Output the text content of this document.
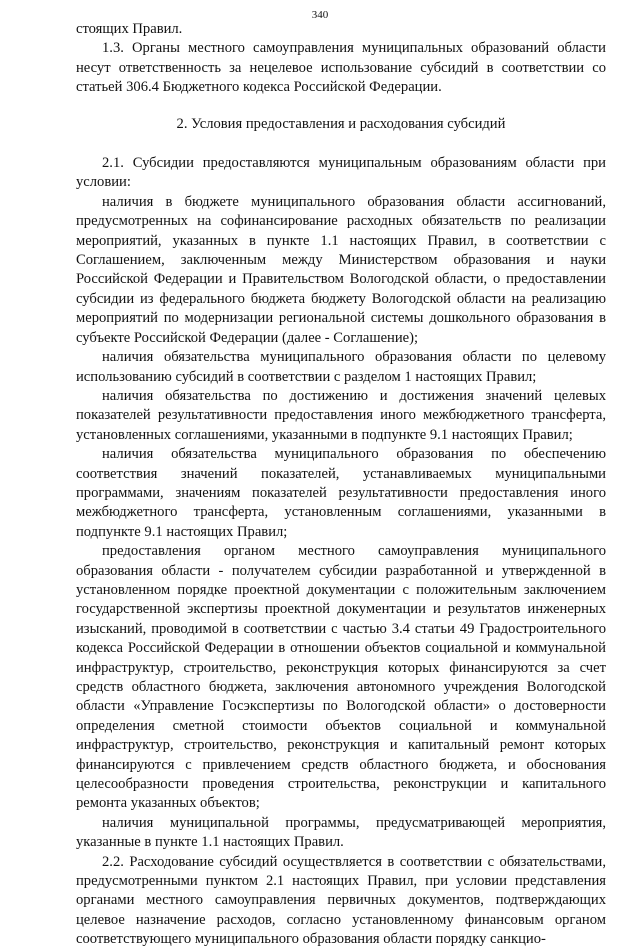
340

стоящих Правил.

1.3. Органы местного самоуправления муниципальных образований области несут ответственность за нецелевое использование субсидий в соответствии со статьей 306.4 Бюджетного кодекса Российской Федерации.

2. Условия предоставления и расходования субсидий

2.1. Субсидии предоставляются муниципальным образованиям области при условии:

наличия в бюджете муниципального образования области ассигнований, предусмотренных на софинансирование расходных обязательств по реализации мероприятий, указанных в пункте 1.1 настоящих Правил, в соответствии с Соглашением, заключенным между Министерством образования и науки Российской Федерации и Правительством Вологодской области, о предоставлении субсидии из федерального бюджета бюджету Вологодской области на реализацию мероприятий по модернизации региональной системы дошкольного образования в субъекте Российской Федерации (далее - Соглашение);

наличия обязательства муниципального образования области по целевому использованию субсидий в соответствии с разделом 1 настоящих Правил;

наличия обязательства по достижению и достижения значений целевых показателей результативности предоставления иного межбюджетного трансферта, установленных соглашениями, указанными в подпункте 9.1 настоящих Правил;

наличия обязательства муниципального образования по обеспечению соответствия значений показателей, устанавливаемых муниципальными программами, значениям показателей результативности предоставления иного межбюджетного трансферта, установленным соглашениями, указанными в подпункте 9.1 настоящих Правил;

предоставления органом местного самоуправления муниципального образования области - получателем субсидии разработанной и утвержденной в установленном порядке проектной документации с положительным заключением государственной экспертизы проектной документации и результатов инженерных изысканий, проводимой в соответствии с частью 3.4 статьи 49 Градостроительного кодекса Российской Федерации в отношении объектов социальной и коммунальной инфраструктур, строительство, реконструкция которых финансируются за счет средств областного бюджета, заключения автономного учреждения Вологодской области «Управление Госэкспертизы по Вологодской области» о достоверности определения сметной стоимости объектов социальной и коммунальной инфраструктур, строительство, реконструкция и капитальный ремонт которых финансируются с привлечением средств областного бюджета, и обоснования целесообразности проведения строительства, реконструкции и капитального ремонта указанных объектов;

наличия муниципальной программы, предусматривающей мероприятия, указанные в пункте 1.1 настоящих Правил.

2.2. Расходование субсидий осуществляется в соответствии с обязательствами, предусмотренными пунктом 2.1 настоящих Правил, при условии представления органами местного самоуправления первичных документов, подтверждающих целевое назначение расходов, согласно установленному финансовым органом соответствующего муниципального образования области порядку санкцио-
